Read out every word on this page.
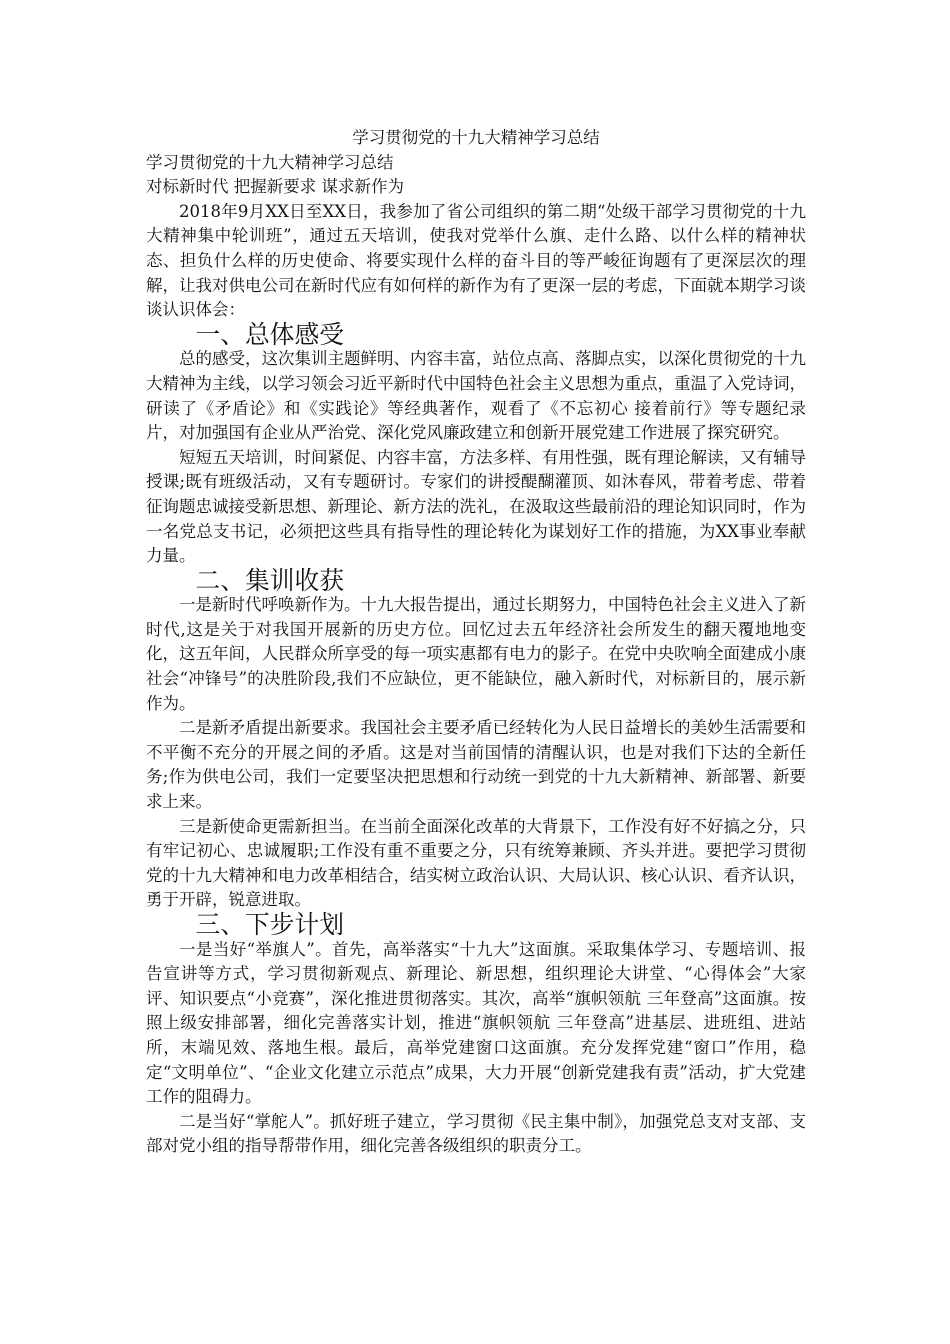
学习贯彻党的十九大精神学习总结

学习贯彻党的十九大精神学习总结

对标新时代 把握新要求 谋求新作为

2018年9月XX日至XX日，我参加了省公司组织的第二期“处级干部学习贯彻党的十九大精神集中轮训班”，通过五天培训，使我对党举什么旗、走什么路、以什么样的精神状态、担负什么样的历史使命、将要实现什么样的奋斗目的等严峻征询题有了更深层次的理解，让我对供电公司在新时代应有如何样的新作为有了更深一层的考虑，下面就本期学习谈谈认识体会：

一、总体感受

总的感受，这次集训主题鲜明、内容丰富，站位点高、落脚点实，以深化贯彻党的十九大精神为主线，以学习领会习近平新时代中国特色社会主义思想为重点，重温了入党诗词，研读了《矛盾论》和《实践论》等经典著作，观看了《不忘初心 接着前行》等专题纪录片，对加强国有企业从严治党、深化党风廉政建立和创新开展党建工作进展了探究研究。

短短五天培训，时间紧促、内容丰富，方法多样、有用性强，既有理论解读，又有辅导授课;既有班级活动，又有专题研讨。专家们的讲授醍醐灌顶、如沐春风，带着考虑、带着征询题忠诚接受新思想、新理论、新方法的洗礼，在汲取这些最前沿的理论知识同时，作为一名党总支书记，必须把这些具有指导性的理论转化为谋划好工作的措施，为XX事业奉献力量。

二、集训收获

一是新时代呼唤新作为。十九大报告提出，通过长期努力，中国特色社会主义进入了新时代,这是关于对我国开展新的历史方位。回忆过去五年经济社会所发生的翻天覆地地变化，这五年间，人民群众所享受的每一项实惠都有电力的影子。在党中央吹响全面建成小康社会“冲锋号”的决胜阶段,我们不应缺位，更不能缺位，融入新时代，对标新目的，展示新作为。

二是新矛盾提出新要求。我国社会主要矛盾已经转化为人民日益增长的美妙生活需要和不平衡不充分的开展之间的矛盾。这是对当前国情的清醒认识，也是对我们下达的全新任务;作为供电公司，我们一定要坚决把思想和行动统一到党的十九大新精神、新部署、新要求上来。

三是新使命更需新担当。在当前全面深化改革的大背景下，工作没有好不好搞之分，只有牢记初心、忠诚履职;工作没有重不重要之分，只有统筹兼顾、齐头并进。要把学习贯彻党的十九大精神和电力改革相结合，结实树立政治认识、大局认识、核心认识、看齐认识，勇于开辟，锐意进取。

三、下步计划

一是当好“举旗人”。首先，高举落实“十九大”这面旗。采取集体学习、专题培训、报告宣讲等方式，学习贯彻新观点、新理论、新思想，组织理论大讲堂、“心得体会”大家评、知识要点“小竞赛”，深化推进贯彻落实。其次，高举“旗帜领航 三年登高”这面旗。按照上级安排部署，细化完善落实计划，推进“旗帜领航 三年登高”进基层、进班组、进站所，末端见效、落地生根。最后，高举党建窗口这面旗。充分发挥党建“窗口”作用，稳定“文明单位”、“企业文化建立示范点”成果，大力开展“创新党建我有责”活动，扩大党建工作的阻碍力。

二是当好“掌舵人”。抓好班子建立，学习贯彻《民主集中制》，加强党总支对支部、支部对党小组的指导帮带作用，细化完善各级组织的职责分工。
